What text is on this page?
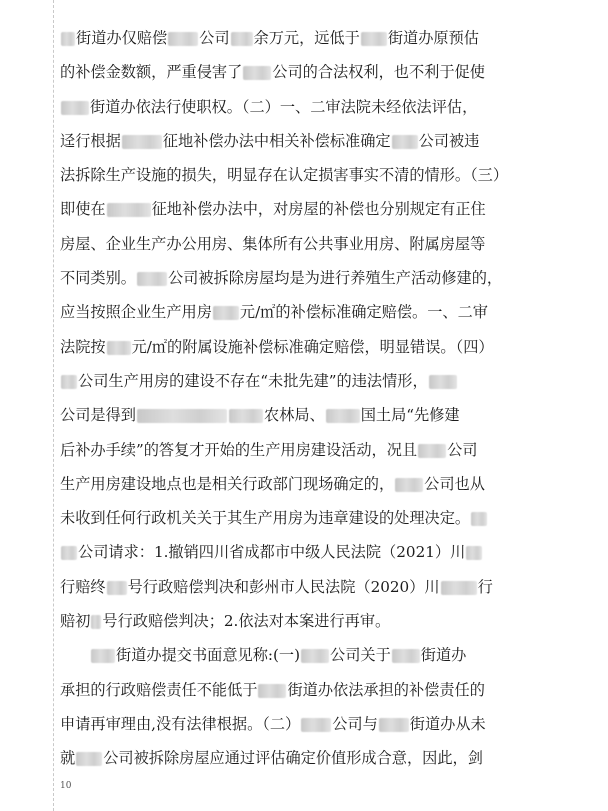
街道办仅赔偿 公司 余万元，远低于 街道办原预估
的补偿金数额，严重侵害了 公司的合法权利，也不利于促使
街道办依法行使职权。（二）一、二审法院未经依法评估，
迳行根据	征地补偿办法中相关补偿标准确定 公司被违
法拆除生产设施的损失，明显存在认定损害事实不清的情形。（三）
即使在	征地补偿办法中，对房屋的补偿也分别规定有正住
房屋、企业生产办公用房、集体所有公共事业用房、附属房屋等
不同类别。 公司被拆除房屋均是为进行养殖生产活动修建的，
应当按照企业生产用房 元/㎡的补偿标准确定赔偿。一、二审
法院按 元/㎡的附属设施补偿标准确定赔偿，明显错误。（四）
公司生产用房的建设不存在“未批先建”的违法情形，
公司是得到	农林局、 国土局“先修建
后补办手续”的答复才开始的生产用房建设活动，况且 公司
生产用房建设地点也是相关行政部门现场确定的， 公司也从
未收到任何行政机关关于其生产用房为违章建设的处理决定。
公司请求：1.撤销四川省成都市中级人民法院（2021）川
行赔终 号行政赔偿判决和彭州市人民法院（2020）川	行
赔初 号行政赔偿判决；2.依法对本案进行再审。
街道办提交书面意见称:(一) 公司关于 街道办
承担的行政赔偿责任不能低于 街道办依法承担的补偿责任的
申请再审理由,没有法律根据。（二） 公司与 街道办从未
就 公司被拆除房屋应通过评估确定价值形成合意，因此，剑
10
